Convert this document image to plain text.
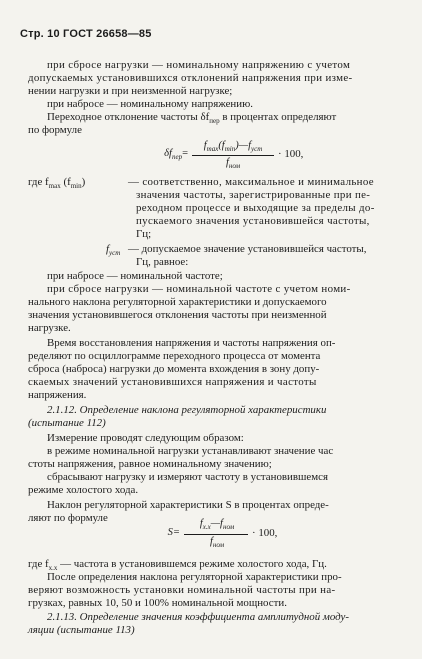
Стр. 10 ГОСТ 26658—85
при сбросе нагрузки — номинальному напряжению с учетом
допускаемых установившихся отклонений напряжения при изме-
нении нагрузки и при неизменной нагрузке;
при набросе — номинальному напряжению.
Переходное отклонение частоты $\delta f_{пер}$ в процентах определяют
по формуле
$\delta f_{пер}=$
$f_{max}(f_{min})—f_{уст}$
$f_{ном}$
· 100,
где $f_{max}$ $(f_{min})$	— соответственно, максимальное и минимальное
значения частоты, зарегистрированные при пе-
реходном процессе и выходящие за пределы до-
пускаемого значения установившейся частоты,
Гц;
$f_{уст}$ — допускаемое значение установившейся частоты,
Гц, равное:
при набросе — номинальной частоте;
при сбросе нагрузки — номинальной частоте с учетом номи-
нального наклона регуляторной характеристики и допускаемого
значения установившегося отклонения частоты при неизменной
нагрузке.
Время восстановления напряжения и частоты напряжения оп-
ределяют по осциллограмме переходного процесса от момента
сброса (наброса) нагрузки до момента вхождения в зону допу-
скаемых значений установившихся напряжения и частоты
напряжения.
2.1.12. Определение наклона регуляторной характеристики
(испытание 112)
Измерение проводят следующим образом:
в режиме номинальной нагрузки устанавливают значение час
стоты напряжения, равное номинальному значению;
сбрасывают нагрузку и измеряют частоту в установившемся
режиме холостого хода.
Наклон регуляторной характеристики S в процентах опреде-
ляют по формуле
S=
$f_{х.х}—f_{ном}$
$f_{ном}$
· 100,
где $f_{х.х}$ — частота в установившемся режиме холостого хода, Гц.
После определения наклона регуляторной характеристики про-
веряют возможность установки номинальной частоты при на-
грузках, равных 10, 50 и 100% номинальной мощности.
2.1.13. Определение значения коэффициента амплитудной моду-
ляции (испытание 113)
